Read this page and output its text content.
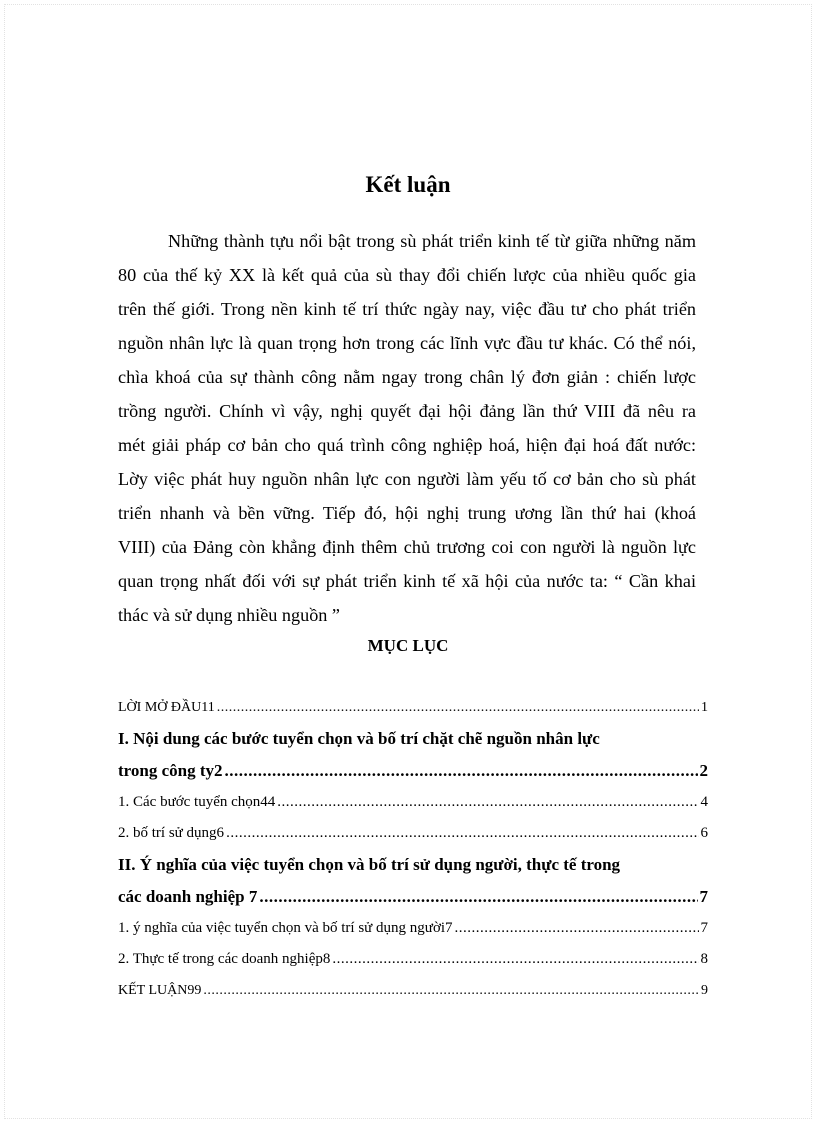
Kết luận
Những thành tựu nổi bật trong sù phát triển kinh tế từ giữa những năm
80 của thế kỷ XX là kết quả của sù thay đổi chiến lược của nhiều quốc gia
trên thế giới. Trong nền kinh tế trí thức ngày nay, việc đầu tư cho phát triển
nguồn nhân lực là quan trọng hơn trong các lĩnh vực đầu tư khác. Có thể nói,
chìa khoá của sự thành công nằm ngay trong chân lý đơn giản : chiến lược
trồng người. Chính vì vậy, nghị quyết đại hội đảng lần thứ VIII đã nêu ra
mét giải pháp cơ bản cho quá trình công nghiệp hoá, hiện đại hoá đất nước:
Lờy việc phát huy nguồn nhân lực con người làm yếu tố cơ bản cho sù phát
triển nhanh và bền vững. Tiếp đó, hội nghị trung ương lần thứ hai (khoá
VIII) của Đảng còn khẳng định thêm chủ trương coi con người là nguồn lực
quan trọng nhất đối với sự phát triển kinh tế xã hội của nước ta: “ Cần khai
thác và sử dụng nhiều nguồn ”
MỤC LỤC
LỜI MỞ ĐẦU11 .....	1
I. Nội dung các bước tuyển chọn và bố trí chặt chẽ nguồn nhân lực
trong công ty2 .....	2
1. Các bước tuyển chọn44 .....	4
2. bố trí sử dụng6 .....	6
II. Ý nghĩa của việc tuyển chọn và bố trí sử dụng người, thực tế trong
các doanh nghiệp 7 .....	7
1. ý nghĩa của việc tuyển chọn và bố trí sử dụng người7 .....	7
2. Thực tế trong các doanh nghiệp8 .....	8
KẾT LUẬN99 .....	9
